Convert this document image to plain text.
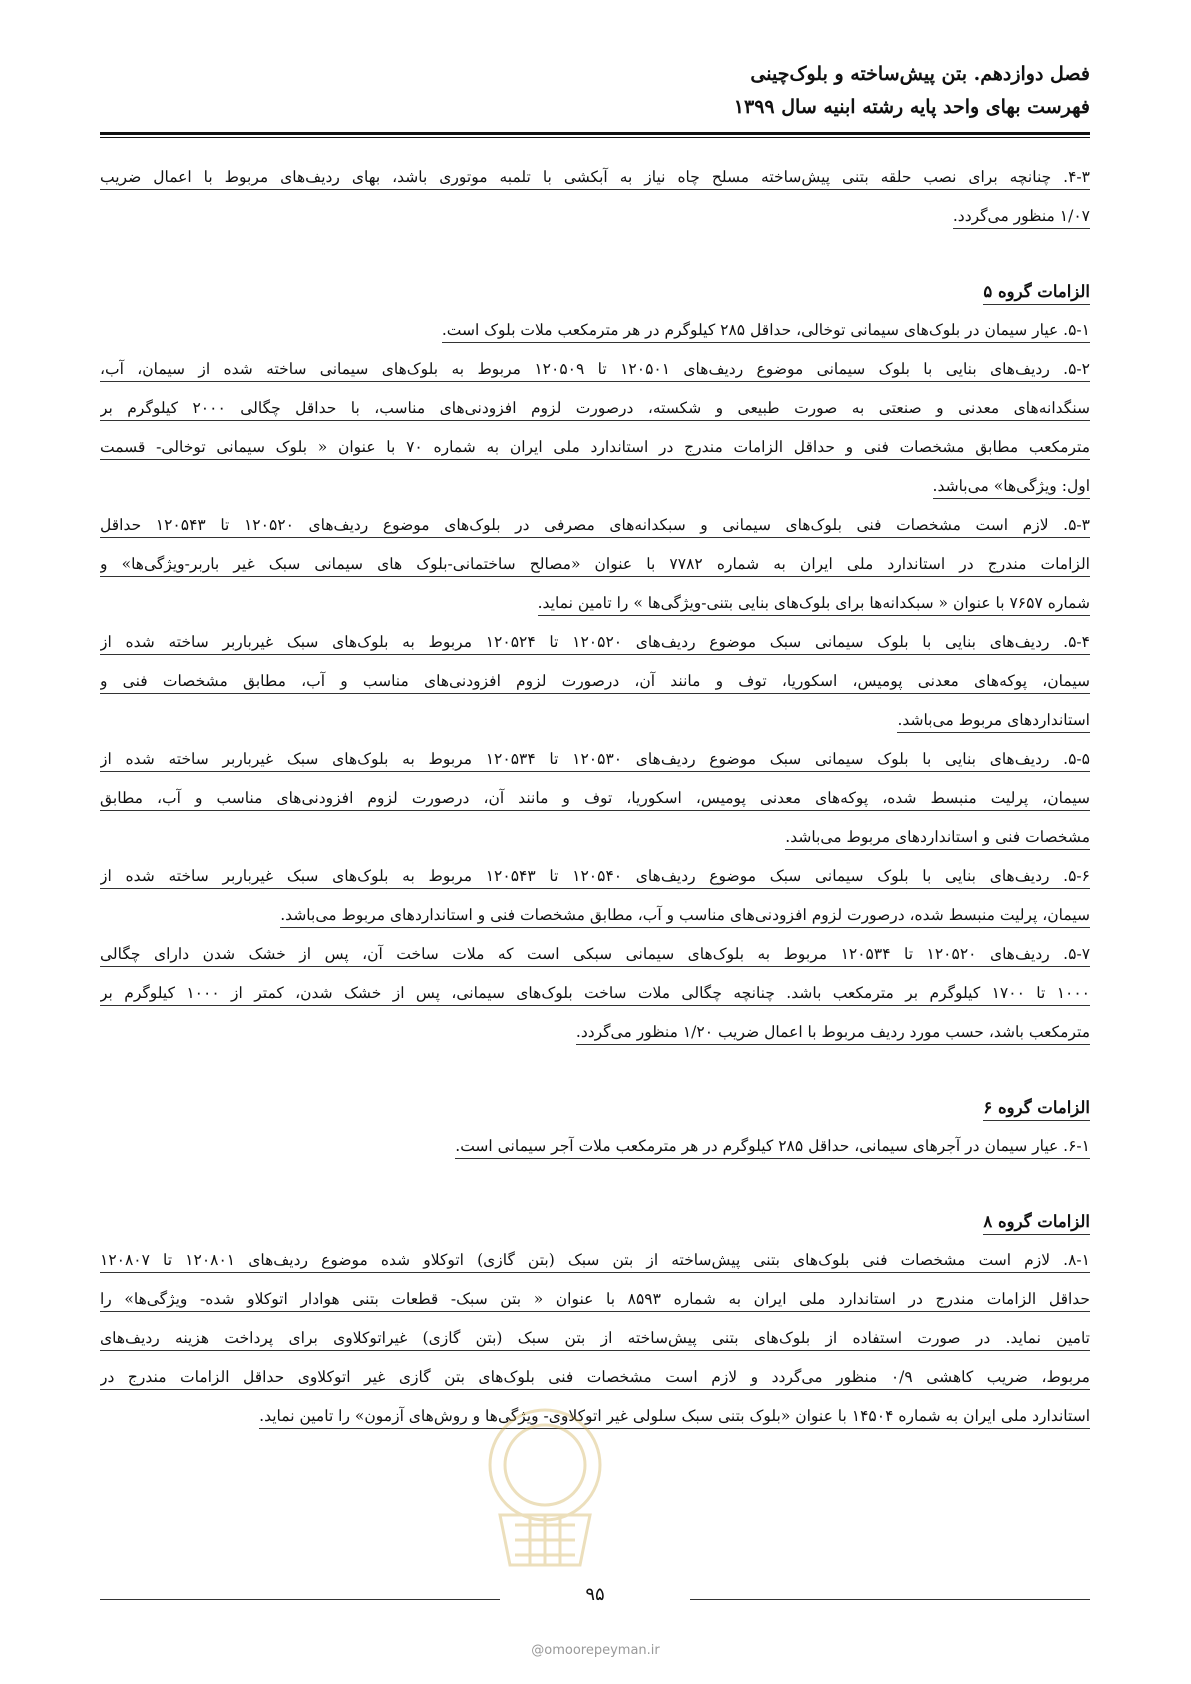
فصل دوازدهم. بتن پیش‌ساخته و بلوک‌چینی
فهرست بهای واحد پایه رشته ابنیه سال ۱۳۹۹
۴-۳. چنانچه برای نصب حلقه بتنی پیش‌ساخته مسلح چاه نیاز به آبکشی با تلمبه موتوری باشد، بهای ردیف‌های مربوط با اعمال ضریب
۱/۰۷ منظور می‌گردد.
الزامات گروه ۵
۵-۱. عیار سیمان در بلوک‌های سیمانی توخالی، حداقل ۲۸۵ کیلوگرم در هر مترمکعب ملات بلوک است.
۵-۲. ردیف‌های بنایی با بلوک سیمانی موضوع ردیف‌های ۱۲۰۵۰۱ تا ۱۲۰۵۰۹ مربوط به بلوک‌های سیمانی ساخته شده از سیمان، آب،
سنگدانه‌های معدنی و صنعتی به صورت طبیعی و شکسته، درصورت لزوم افزودنی‌های مناسب، با حداقل چگالی ۲۰۰۰ کیلوگرم بر
مترمکعب مطابق مشخصات فنی و حداقل الزامات مندرج در استاندارد ملی ایران به شماره ۷۰ با عنوان « بلوک سیمانی توخالی- قسمت
اول: ویژگی‌ها» می‌باشد.
۵-۳. لازم است مشخصات فنی بلوک‌های سیمانی و سبکدانه‌های مصرفی در بلوک‌های موضوع ردیف‌های ۱۲۰۵۲۰ تا ۱۲۰۵۴۳ حداقل
الزامات مندرج در استاندارد ملی ایران به شماره ۷۷۸۲ با عنوان «مصالح ساختمانی-بلوک های سیمانی سبک غیر باربر-ویژگی‌ها» و
شماره ۷۶۵۷ با عنوان « سبکدانه‌ها برای بلوک‌های بنایی بتنی-ویژگی‌ها » را تامین نماید.
۵-۴. ردیف‌های بنایی با بلوک سیمانی سبک موضوع ردیف‌های ۱۲۰۵۲۰ تا ۱۲۰۵۲۴ مربوط به بلوک‌های سبک غیرباربر ساخته شده از
سیمان، پوکه‌های معدنی پومیس، اسکوریا، توف و مانند آن، درصورت لزوم افزودنی‌های مناسب و آب، مطابق مشخصات فنی و
استانداردهای مربوط می‌باشد.
۵-۵. ردیف‌های بنایی با بلوک سیمانی سبک موضوع ردیف‌های ۱۲۰۵۳۰ تا ۱۲۰۵۳۴ مربوط به بلوک‌های سبک غیرباربر ساخته شده از
سیمان، پرلیت منبسط شده، پوکه‌های معدنی پومیس، اسکوریا، توف و مانند آن، درصورت لزوم افزودنی‌های مناسب و آب، مطابق
مشخصات فنی و استانداردهای مربوط می‌باشد.
۵-۶. ردیف‌های بنایی با بلوک سیمانی سبک موضوع ردیف‌های ۱۲۰۵۴۰ تا ۱۲۰۵۴۳ مربوط به بلوک‌های سبک غیرباربر ساخته شده از
سیمان، پرلیت منبسط شده، درصورت لزوم افزودنی‌های مناسب و آب، مطابق مشخصات فنی و استانداردهای مربوط می‌باشد.
۵-۷. ردیف‌های ۱۲۰۵۲۰ تا ۱۲۰۵۳۴ مربوط به بلوک‌های سیمانی سبکی است که ملات ساخت آن، پس از خشک شدن دارای چگالی
۱۰۰۰ تا ۱۷۰۰ کیلوگرم بر مترمکعب باشد. چنانچه چگالی ملات ساخت بلوک‌های سیمانی، پس از خشک شدن، کمتر از ۱۰۰۰ کیلوگرم بر
مترمکعب باشد، حسب مورد ردیف مربوط با اعمال ضریب ۱/۲۰ منظور می‌گردد.
الزامات گروه ۶
۶-۱. عیار سیمان در آجرهای سیمانی، حداقل ۲۸۵ کیلوگرم در هر مترمکعب ملات آجر سیمانی است.
الزامات گروه ۸
۸-۱. لازم است مشخصات فنی بلوک‌های بتنی پیش‌ساخته از بتن سبک (بتن گازی) اتوکلاو شده موضوع ردیف‌های ۱۲۰۸۰۱ تا ۱۲۰۸۰۷
حداقل الزامات مندرج در استاندارد ملی ایران به شماره ۸۵۹۳ با عنوان « بتن سبک- قطعات بتنی هوادار اتوکلاو شده- ویژگی‌ها» را
تامین نماید. در صورت استفاده از بلوک‌های بتنی پیش‌ساخته از بتن سبک (بتن گازی) غیراتوکلاوی برای پرداخت هزینه ردیف‌های
مربوط، ضریب کاهشی ۰/۹ منظور می‌گردد و لازم است مشخصات فنی بلوک‌های بتن گازی غیر اتوکلاوی حداقل الزامات مندرج در
استاندارد ملی ایران به شماره ۱۴۵۰۴ با عنوان «بلوک بتنی سبک سلولی غیر اتوکلاوی- ویژگی‌ها و روش‌های آزمون» را تامین نماید.
۹۵
@omoorepeyman.ir
